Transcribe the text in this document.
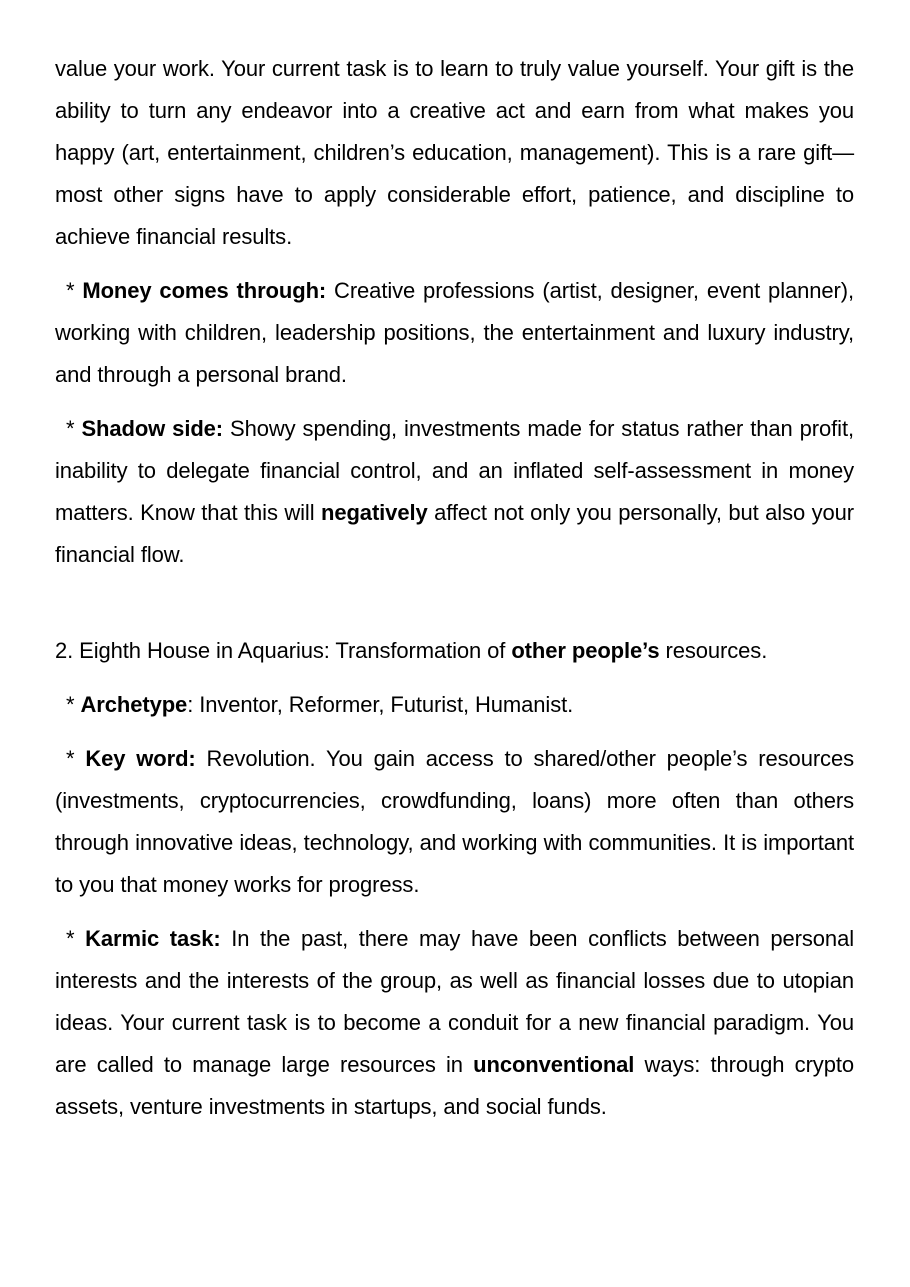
value your work. Your current task is to learn to truly value yourself. Your gift is the ability to turn any endeavor into a creative act and earn from what makes you happy (art, entertainment, children’s education, management). This is a rare gift—most other signs have to apply considerable effort, patience, and discipline to achieve financial results.

* Money comes through: Creative professions (artist, designer, event planner), working with children, leadership positions, the entertainment and luxury industry, and through a personal brand.

* Shadow side: Showy spending, investments made for status rather than profit, inability to delegate financial control, and an inflated self-assessment in money matters. Know that this will negatively affect not only you personally, but also your financial flow.

2. Eighth House in Aquarius: Transformation of other people’s resources.

* Archetype: Inventor, Reformer, Futurist, Humanist.

* Key word: Revolution. You gain access to shared/other people’s resources (investments, cryptocurrencies, crowdfunding, loans) more often than others through innovative ideas, technology, and working with communities. It is important to you that money works for progress.

* Karmic task: In the past, there may have been conflicts between personal interests and the interests of the group, as well as financial losses due to utopian ideas. Your current task is to become a conduit for a new financial paradigm. You are called to manage large resources in unconventional ways: through crypto assets, venture investments in startups, and social funds.
